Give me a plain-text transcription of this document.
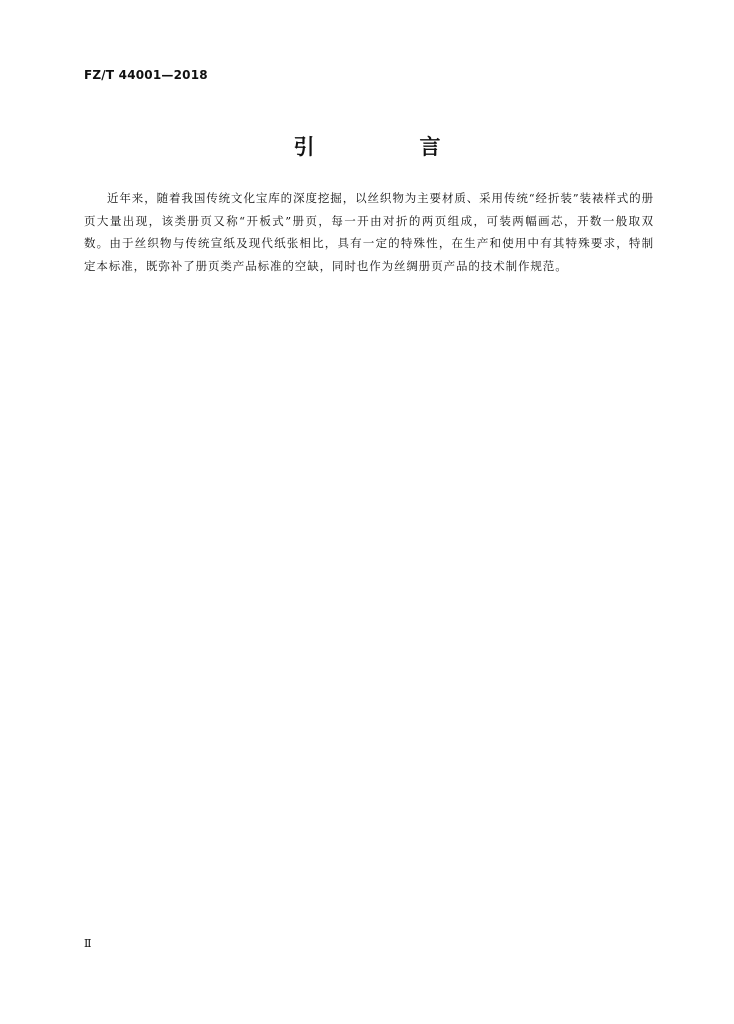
FZ/T 44001—2018
引　言

近年来，随着我国传统文化宝库的深度挖掘，以丝织物为主要材质、采用传统“经折装”装裱样式的册页大量出现，该类册页又称“开板式”册页，每一开由对折的两页组成，可装两幅画芯，开数一般取双数。由于丝织物与传统宣纸及现代纸张相比，具有一定的特殊性，在生产和使用中有其特殊要求，特制定本标准，既弥补了册页类产品标准的空缺，同时也作为丝绸册页产品的技术制作规范。

Ⅱ
